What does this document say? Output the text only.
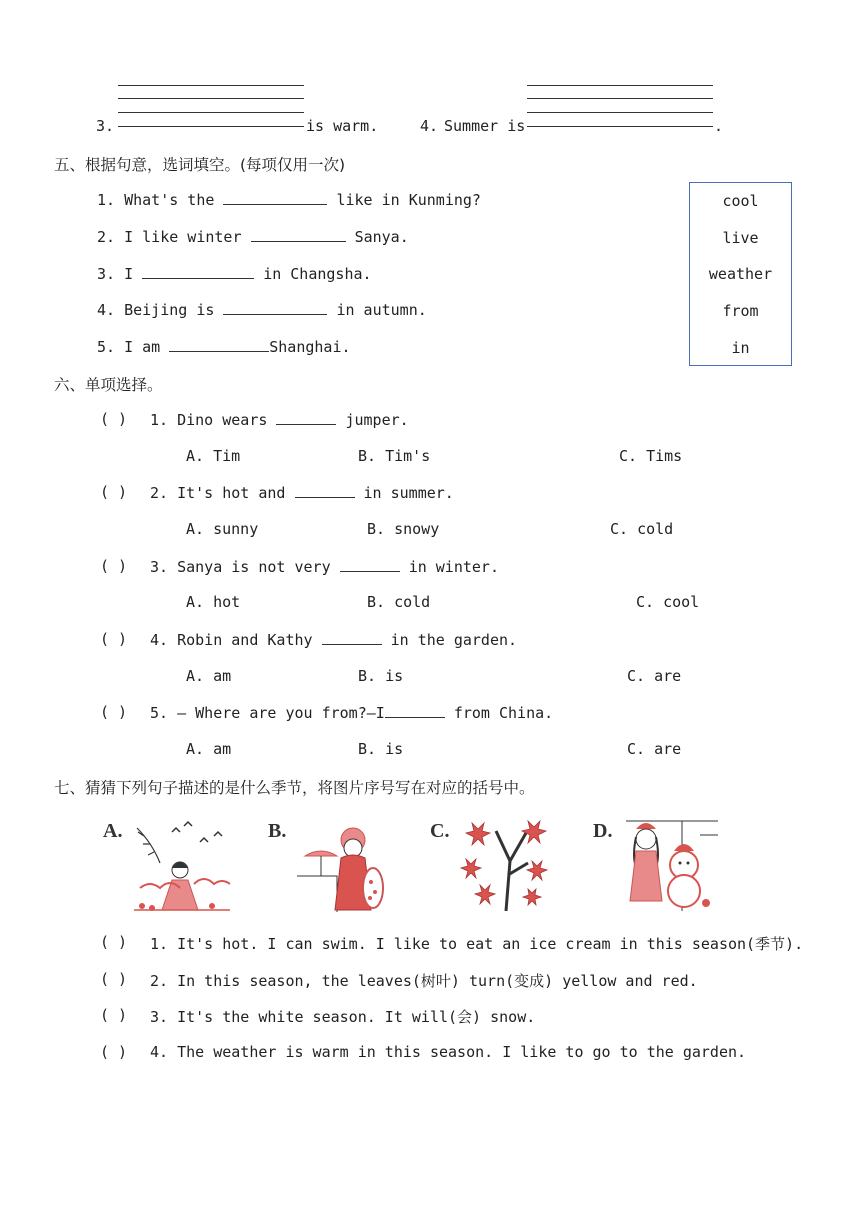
3.	is warm.	4. Summer is	.
五、根据句意，选词填空。(每项仅用一次)
1. What's the	like in Kunming?
2. I like winter	Sanya.
3. I	in Changsha.
4. Beijing is	in autumn.
5. I am	Shanghai.
cool
live
weather
from
in
六、单项选择。
( ) 1. Dino wears	jumper.
A. Tim	B. Tim's	C. Tims
( ) 2. It's hot and	in summer.
A. sunny	B. snowy	C. cold
( ) 3. Sanya is not very	in winter.
A. hot	B. cold	C. cool
( ) 4. Robin and Kathy	in the garden.
A. am	B. is	C. are
( ) 5. — Where are you from?—I	from China.
A. am	B. is	C. are
七、猜猜下列句子描述的是什么季节，将图片序号写在对应的括号中。
A.	B.	C.	D.
( ) 1. It's hot. I can swim. I like to eat an ice cream in this season(季节).
( ) 2. In this season, the leaves(树叶) turn(变成) yellow and red.
( ) 3. It's the white season. It will(会) snow.
( ) 4. The weather is warm in this season. I like to go to the garden.
